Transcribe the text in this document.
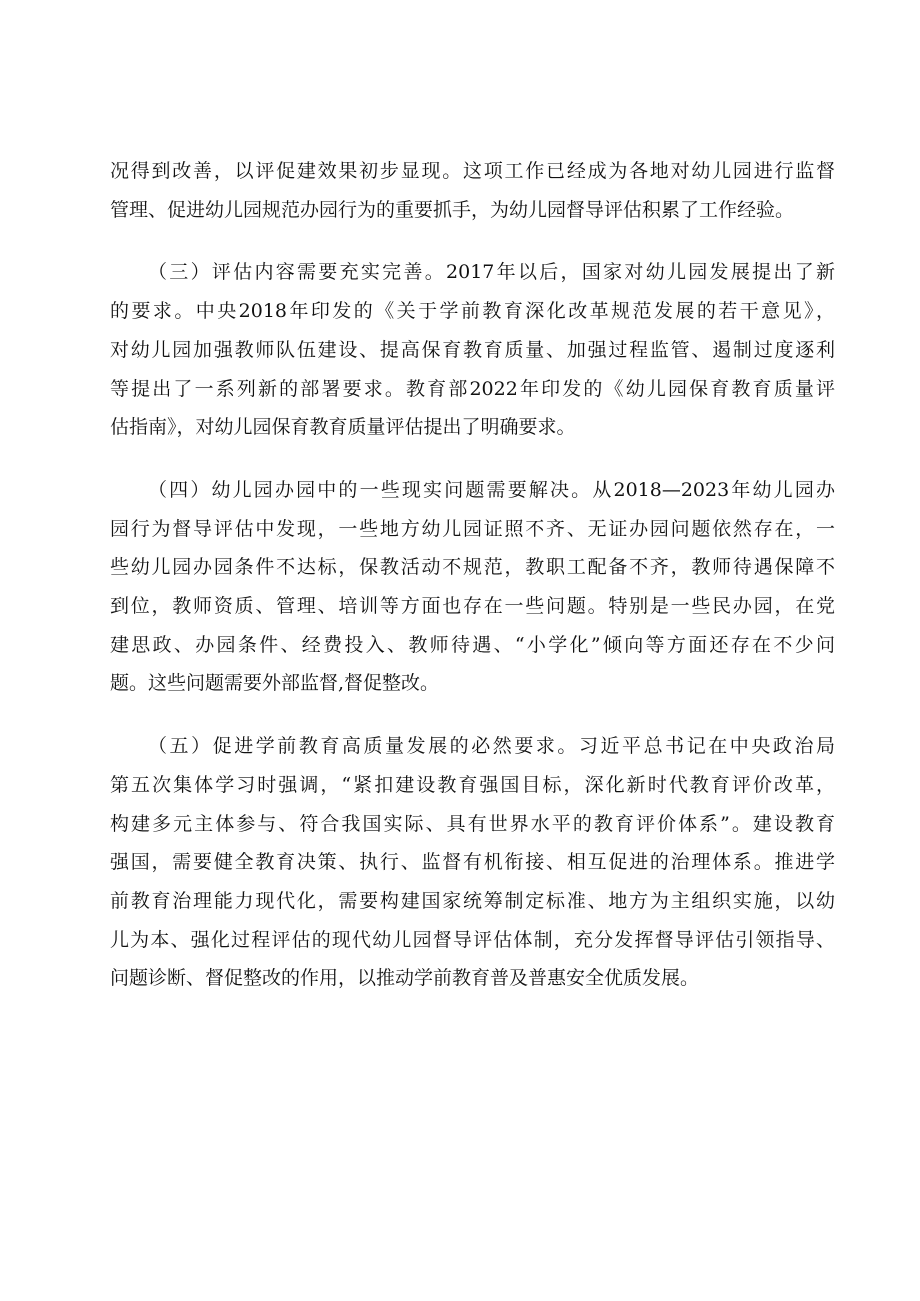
况得到改善，以评促建效果初步显现。这项工作已经成为各地对幼儿园进行监督
管理、促进幼儿园规范办园行为的重要抓手，为幼儿园督导评估积累了工作经验。
（三）评估内容需要充实完善。2017年以后，国家对幼儿园发展提出了新
的要求。中央2018年印发的《关于学前教育深化改革规范发展的若干意见》，
对幼儿园加强教师队伍建设、提高保育教育质量、加强过程监管、遏制过度逐利
等提出了一系列新的部署要求。教育部2022年印发的《幼儿园保育教育质量评
估指南》，对幼儿园保育教育质量评估提出了明确要求。
（四）幼儿园办园中的一些现实问题需要解决。从2018—2023年幼儿园办
园行为督导评估中发现，一些地方幼儿园证照不齐、无证办园问题依然存在，一
些幼儿园办园条件不达标，保教活动不规范，教职工配备不齐，教师待遇保障不
到位，教师资质、管理、培训等方面也存在一些问题。特别是一些民办园，在党
建思政、办园条件、经费投入、教师待遇、“小学化”倾向等方面还存在不少问
题。这些问题需要外部监督,督促整改。
（五）促进学前教育高质量发展的必然要求。习近平总书记在中央政治局
第五次集体学习时强调，“紧扣建设教育强国目标，深化新时代教育评价改革，
构建多元主体参与、符合我国实际、具有世界水平的教育评价体系”。建设教育
强国，需要健全教育决策、执行、监督有机衔接、相互促进的治理体系。推进学
前教育治理能力现代化，需要构建国家统筹制定标准、地方为主组织实施，以幼
儿为本、强化过程评估的现代幼儿园督导评估体制，充分发挥督导评估引领指导、
问题诊断、督促整改的作用，以推动学前教育普及普惠安全优质发展。
